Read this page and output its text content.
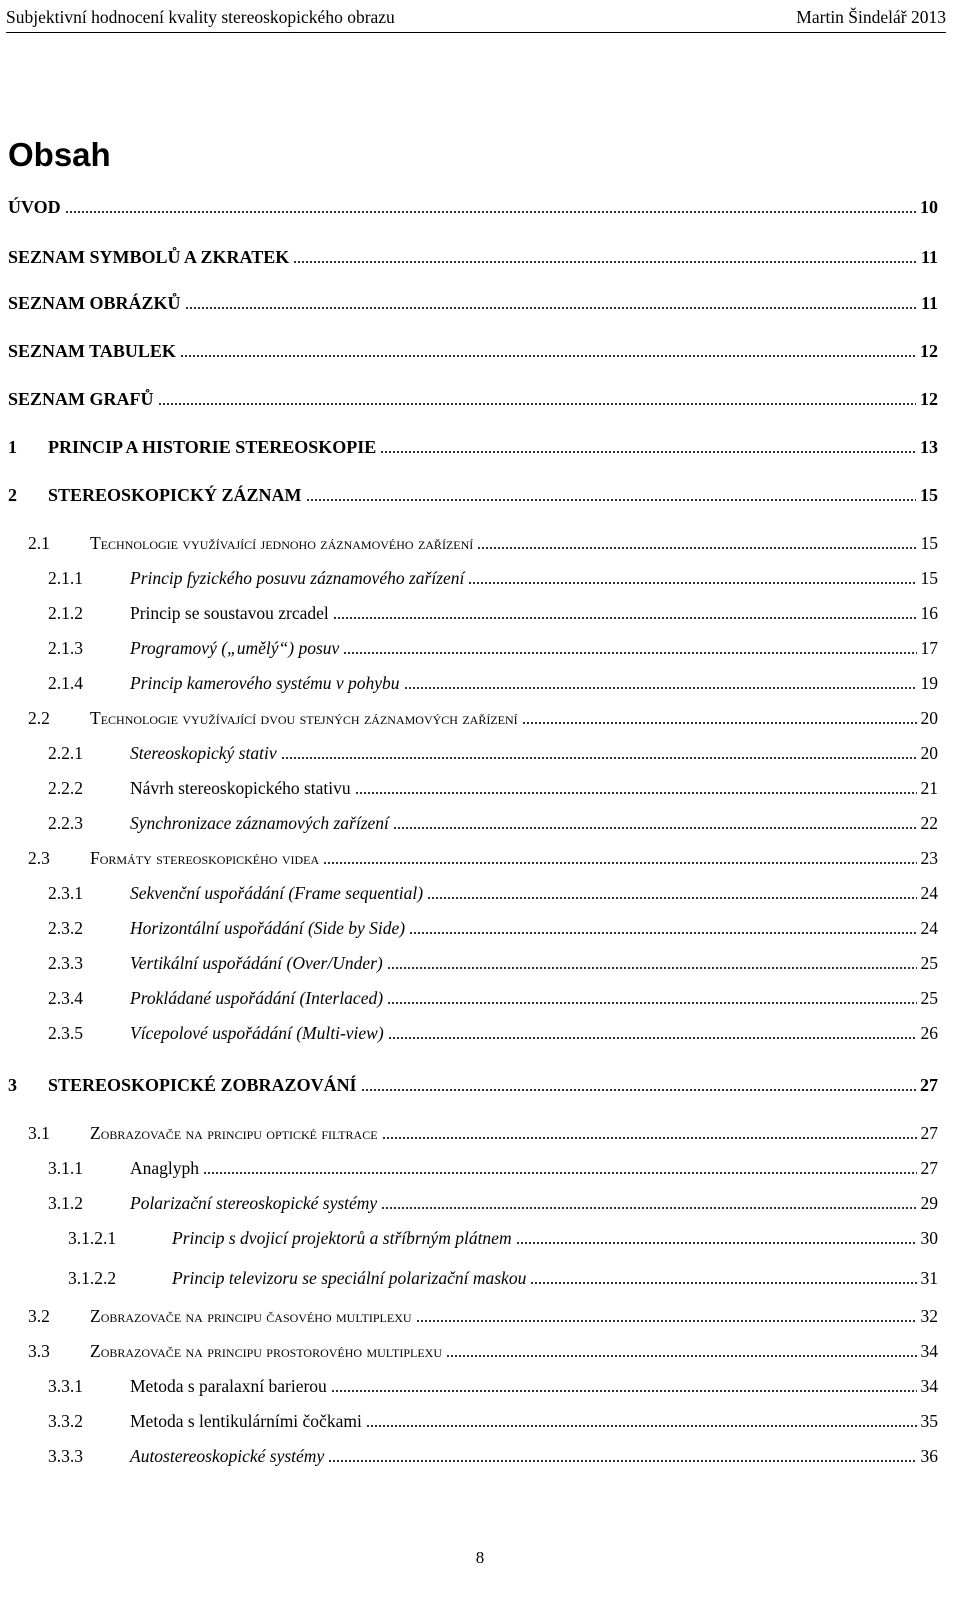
Subjektivní hodnocení kvality stereoskopického obrazu	Martin Šindelář 2013
Obsah
ÚVOD	10
SEZNAM SYMBOLŮ A ZKRATEK	11
SEZNAM OBRÁZKŮ	11
SEZNAM TABULEK	12
SEZNAM GRAFŮ	12
1 PRINCIP A HISTORIE STEREOSKOPIE	13
2 STEREOSKOPICKÝ ZÁZNAM	15
2.1 Technologie využívající jednoho záznamového zařízení	15
2.1.1	Princip fyzického posuvu záznamového zařízení	15
2.1.2	Princip se soustavou zrcadel	16
2.1.3	Programový („umělý“) posuv	17
2.1.4	Princip kamerového systému v pohybu	19
2.2 Technologie využívající dvou stejných záznamových zařízení	20
2.2.1	Stereoskopický stativ	20
2.2.2	Návrh stereoskopického stativu	21
2.2.3	Synchronizace záznamových zařízení	22
2.3 Formáty stereoskopického videa	23
2.3.1	Sekvenční uspořádání (Frame sequential)	24
2.3.2	Horizontální uspořádání (Side by Side)	24
2.3.3	Vertikální uspořádání (Over/Under)	25
2.3.4	Prokládané uspořádání (Interlaced)	25
2.3.5	Vícepolové uspořádání (Multi-view)	26
3 STEREOSKOPICKÉ ZOBRAZOVÁNÍ	27
3.1 Zobrazovače na principu optické filtrace	27
3.1.1	Anaglyph	27
3.1.2	Polarizační stereoskopické systémy	29
3.1.2.1	Princip s dvojicí projektorů a stříbrným plátnem	30
3.1.2.2	Princip televizoru se speciální polarizační maskou	31
3.2 Zobrazovače na principu časového multiplexu	32
3.3 Zobrazovače na principu prostorového multiplexu	34
3.3.1	Metoda s paralaxní barierou	34
3.3.2	Metoda s lentikulárními čočkami	35
3.3.3	Autostereoskopické systémy	36
8
